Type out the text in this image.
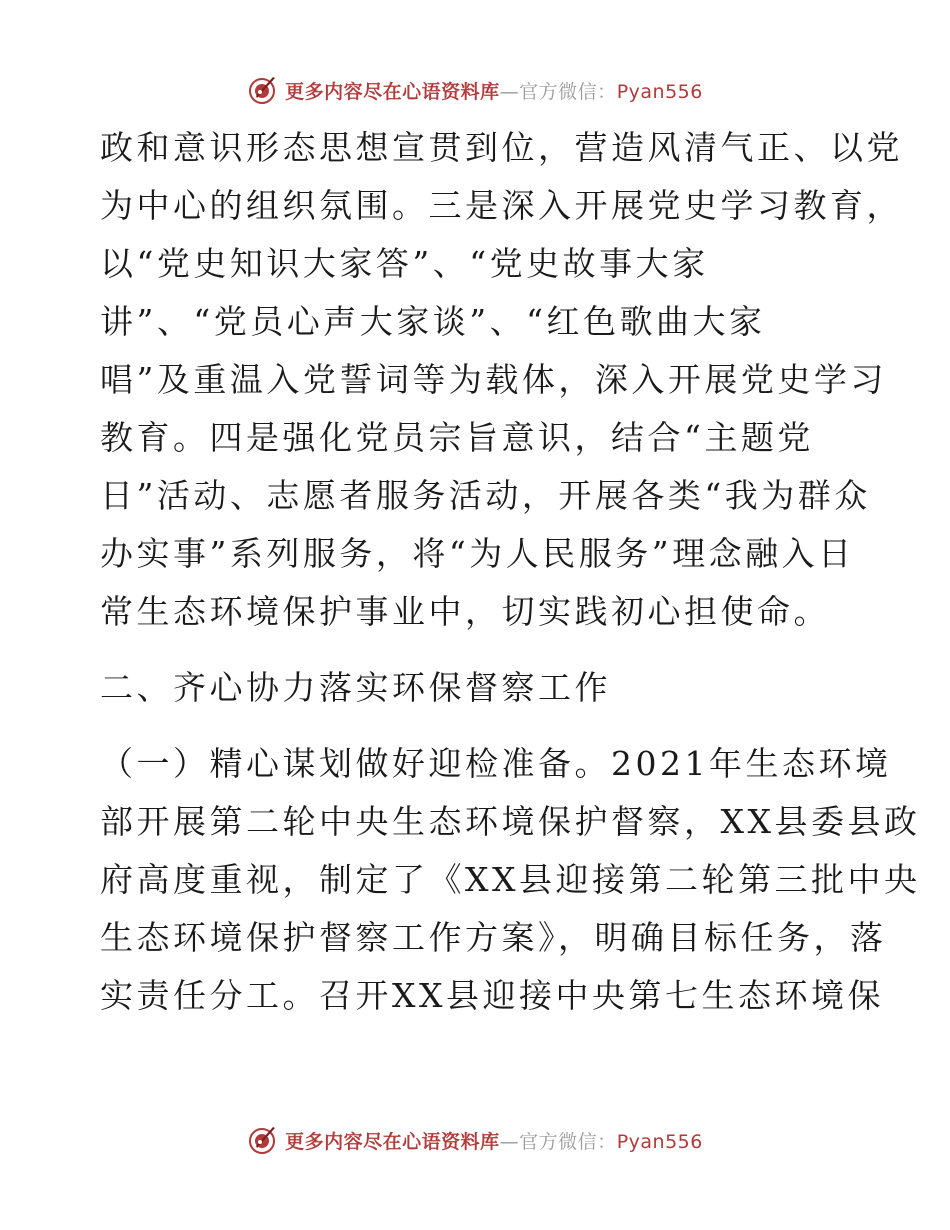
更多内容尽在心语资料库 —官方微信： Pyan556
政和意识形态思想宣贯到位，营造风清气正、以党
为中心的组织氛围。三是深入开展党史学习教育，
以“党史知识大家答”、“党史故事大家
讲”、“党员心声大家谈”、“红色歌曲大家
唱”及重温入党誓词等为载体，深入开展党史学习
教育。四是强化党员宗旨意识，结合“主题党
日”活动、志愿者服务活动，开展各类“我为群众
办实事”系列服务，将“为人民服务”理念融入日
常生态环境保护事业中，切实践初心担使命。
二、齐心协力落实环保督察工作
（一）精心谋划做好迎检准备。2021年生态环境
部开展第二轮中央生态环境保护督察，XX县委县政
府高度重视，制定了《XX县迎接第二轮第三批中央
生态环境保护督察工作方案》，明确目标任务，落
实责任分工。召开XX县迎接中央第七生态环境保
更多内容尽在心语资料库 —官方微信： Pyan556
